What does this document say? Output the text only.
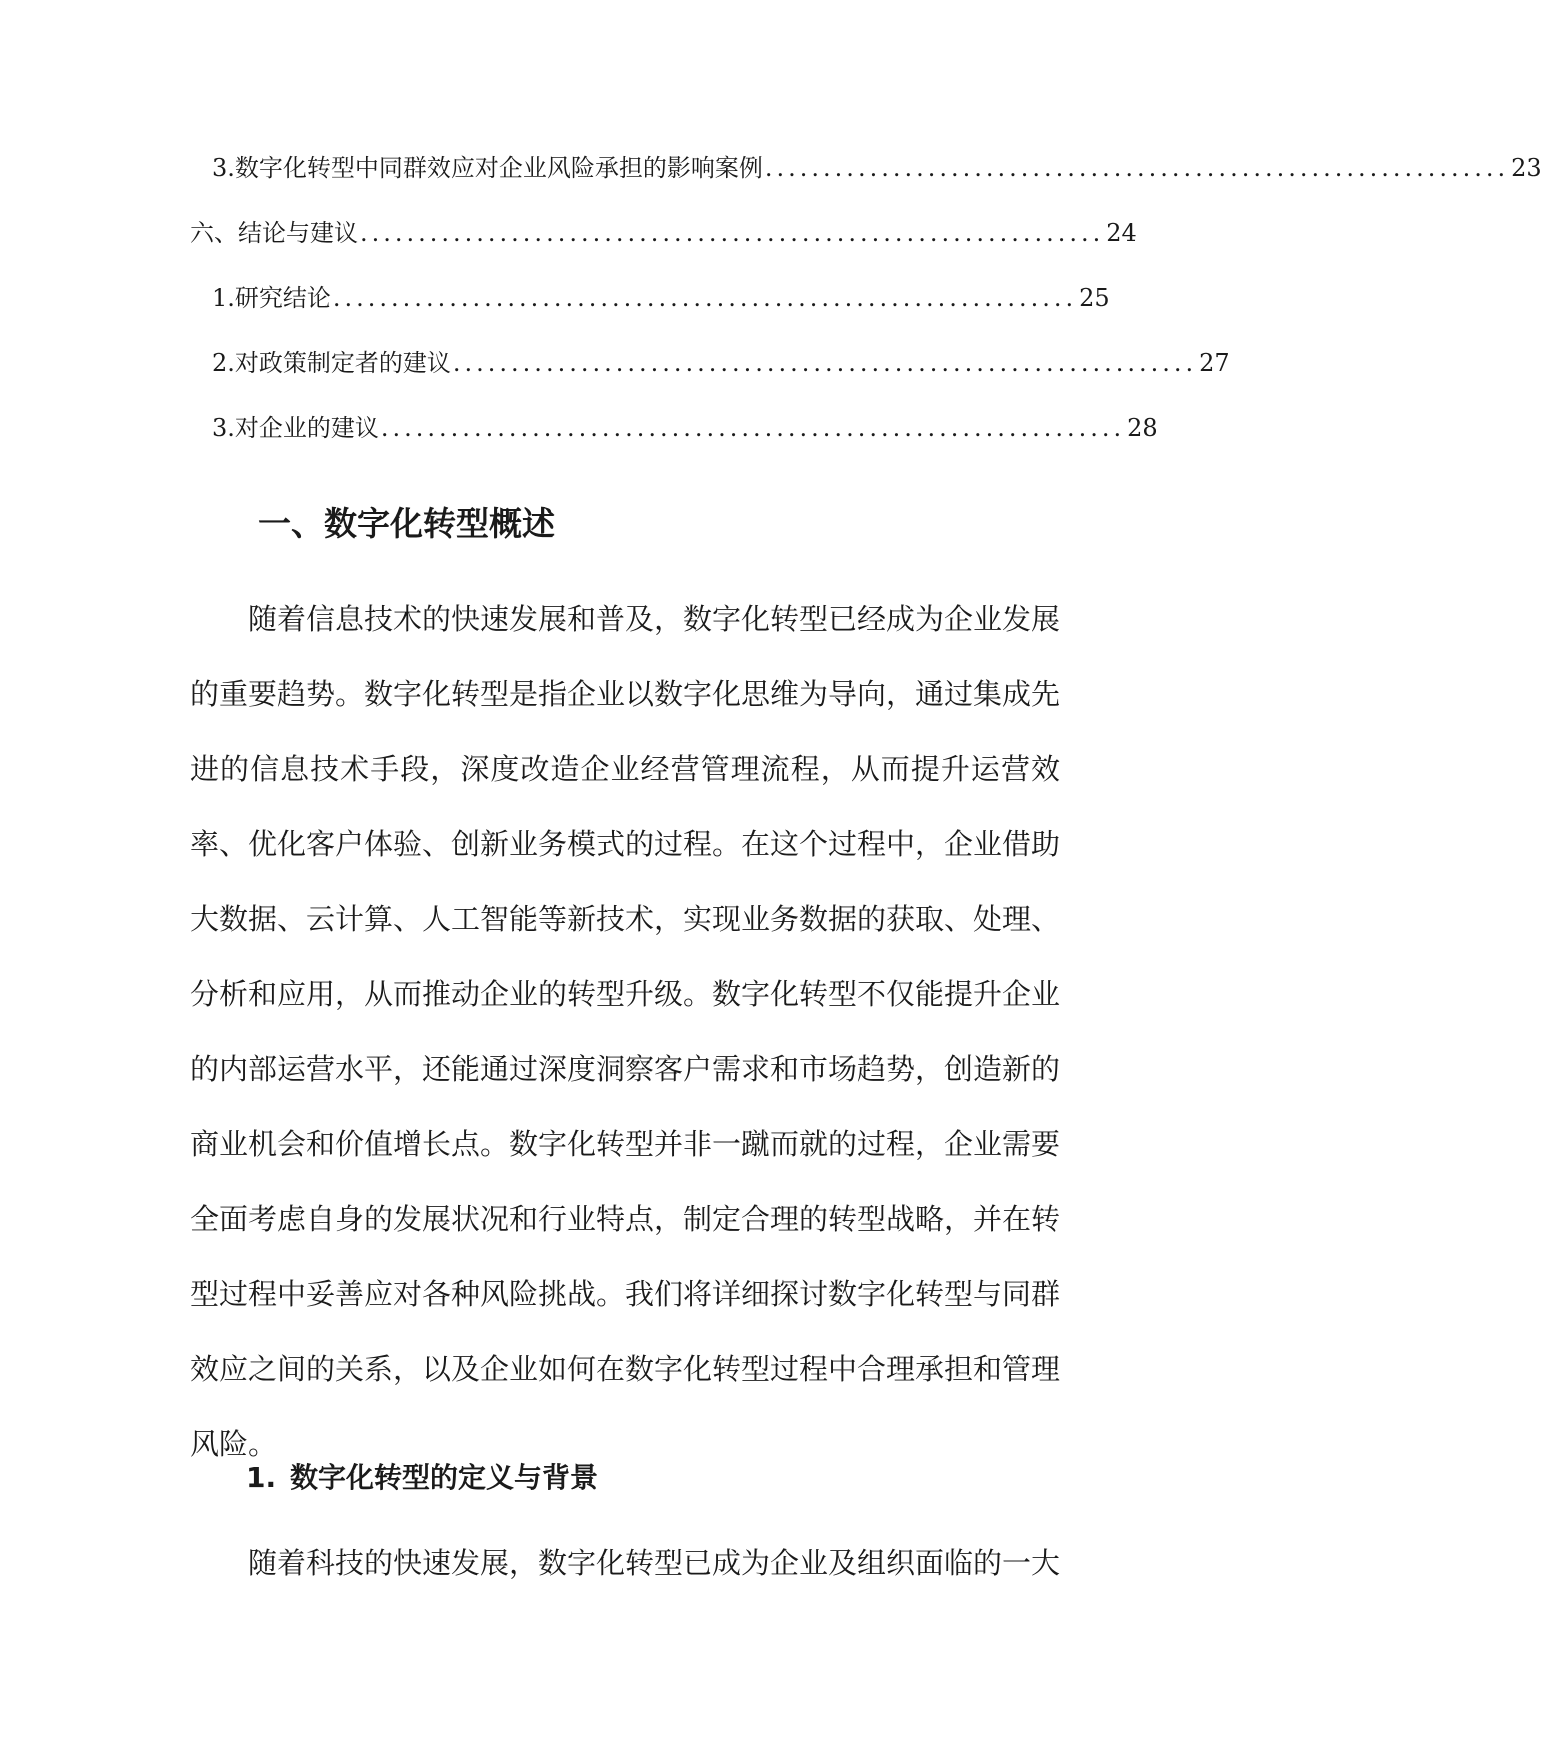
3. 数字化转型中同群效应对企业风险承担的影响案例 ................................................................ 23
六、结论与建议 ................................................................ 24
1. 研究结论 ................................................................ 25
2. 对政策制定者的建议 ................................................................ 27
3. 对企业的建议 ................................................................ 28
一、数字化转型概述

随着信息技术的快速发展和普及，数字化转型已经成为企业发展的重要趋势。数字化转型是指企业以数字化思维为导向，通过集成先进的信息技术手段，深度改造企业经营管理流程，从而提升运营效率、优化客户体验、创新业务模式的过程。在这个过程中，企业借助大数据、云计算、人工智能等新技术，实现业务数据的获取、处理、分析和应用，从而推动企业的转型升级。数字化转型不仅能提升企业的内部运营水平，还能通过深度洞察客户需求和市场趋势，创造新的商业机会和价值增长点。数字化转型并非一蹴而就的过程，企业需要全面考虑自身的发展状况和行业特点，制定合理的转型战略，并在转型过程中妥善应对各种风险挑战。我们将详细探讨数字化转型与同群效应之间的关系，以及企业如何在数字化转型过程中合理承担和管理风险。

1. 数字化转型的定义与背景

随着科技的快速发展，数字化转型已成为企业及组织面临的一大
